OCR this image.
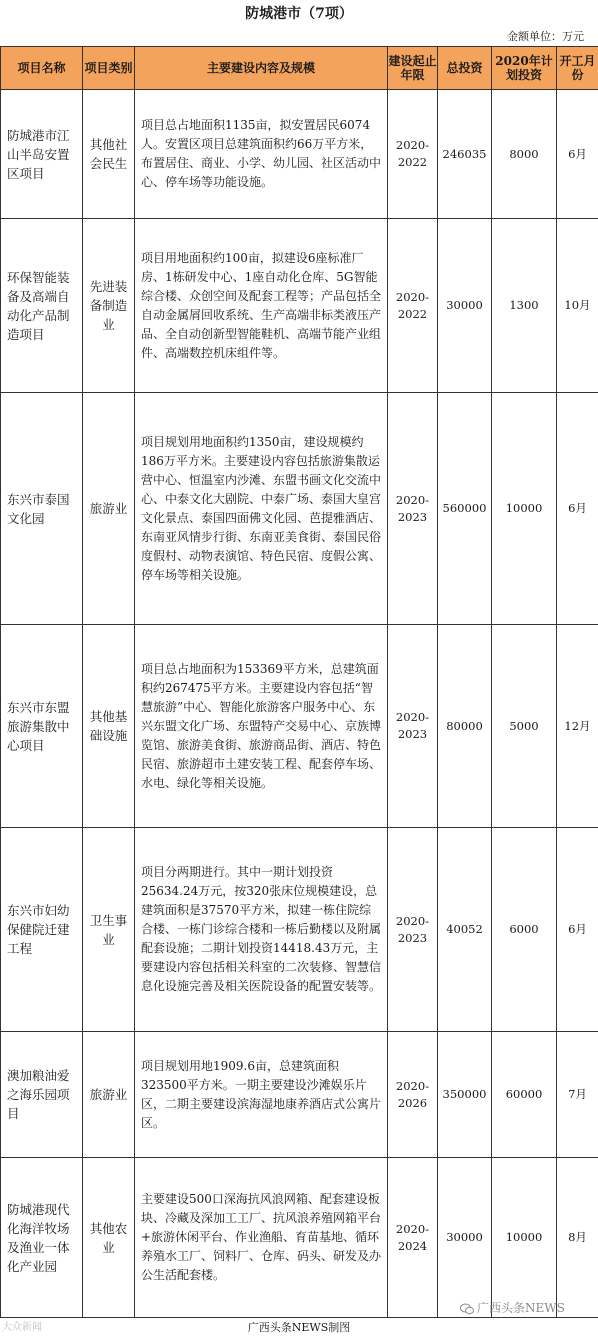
防城港市（7项）
金额单位：万元
项目名称	项目类别	主要建设内容及规模	建设起止年限	总投资	2020年计划投资	开工月份
防城港市江山半岛安置区项目	其他社会民生	项目总占地面积1135亩，拟安置居民6074人。安置区项目总建筑面积约66万平方米，布置居住、商业、小学、幼儿园、社区活动中心、停车场等功能设施。	2020-2022	246035	8000	6月
环保智能装备及高端自动化产品制造项目	先进装备制造业	项目用地面积约100亩，拟建设6座标准厂房、1栋研发中心、1座自动化仓库、5G智能综合楼、众创空间及配套工程等；产品包括全自动金属屑回收系统、生产高端非标类液压产品、全自动创新型智能鞋机、高端节能产业组件、高端数控机床组件等。	2020-2022	30000	1300	10月
东兴市泰国文化园	旅游业	项目规划用地面积约1350亩，建设规模约186万平方米。主要建设内容包括旅游集散运营中心、恒温室内沙滩、东盟书画文化交流中心、中泰文化大剧院、中泰广场、泰国大皇宫文化景点、泰国四面佛文化园、芭提雅酒店、东南亚风情步行街、东南亚美食街、泰国民俗度假村、动物表演馆、特色民宿、度假公寓、停车场等相关设施。	2020-2023	560000	10000	6月
东兴市东盟旅游集散中心项目	其他基础设施	项目总占地面积为153369平方米，总建筑面积约267475平方米。主要建设内容包括“智慧旅游”中心、智能化旅游客户服务中心、东兴东盟文化广场、东盟特产交易中心、京族博览馆、旅游美食街、旅游商品街、酒店、特色民宿、旅游超市土建安装工程、配套停车场、水电、绿化等相关设施。	2020-2023	80000	5000	12月
东兴市妇幼保健院迁建工程	卫生事业	项目分两期进行。其中一期计划投资25634.24万元，按320张床位规模建设，总建筑面积是37570平方米，拟建一栋住院综合楼、一栋门诊综合楼和一栋后勤楼以及附属配套设施；二期计划投资14418.43万元，主要建设内容包括相关科室的二次装修、智慧信息化设施完善及相关医院设备的配置安装等。	2020-2023	40052	6000	6月
澳加粮油爱之海乐园项目	旅游业	项目规划用地1909.6亩，总建筑面积323500平方米。一期主要建设沙滩娱乐片区，二期主要建设滨海湿地康养酒店式公寓片区。	2020-2026	350000	60000	7月
防城港现代化海洋牧场及渔业一体化产业园	其他农业	主要建设500口深海抗风浪网箱、配套建设板块、冷藏及深加工工厂、抗风浪养殖网箱平台+旅游休闲平台、作业渔船、育苗基地、循环养殖水工厂、饲料厂、仓库、码头、研发及办公生活配套楼。	2020-2024	30000	10000	8月
广西头条NEWS
大众新闻	广西头条NEWS制图
